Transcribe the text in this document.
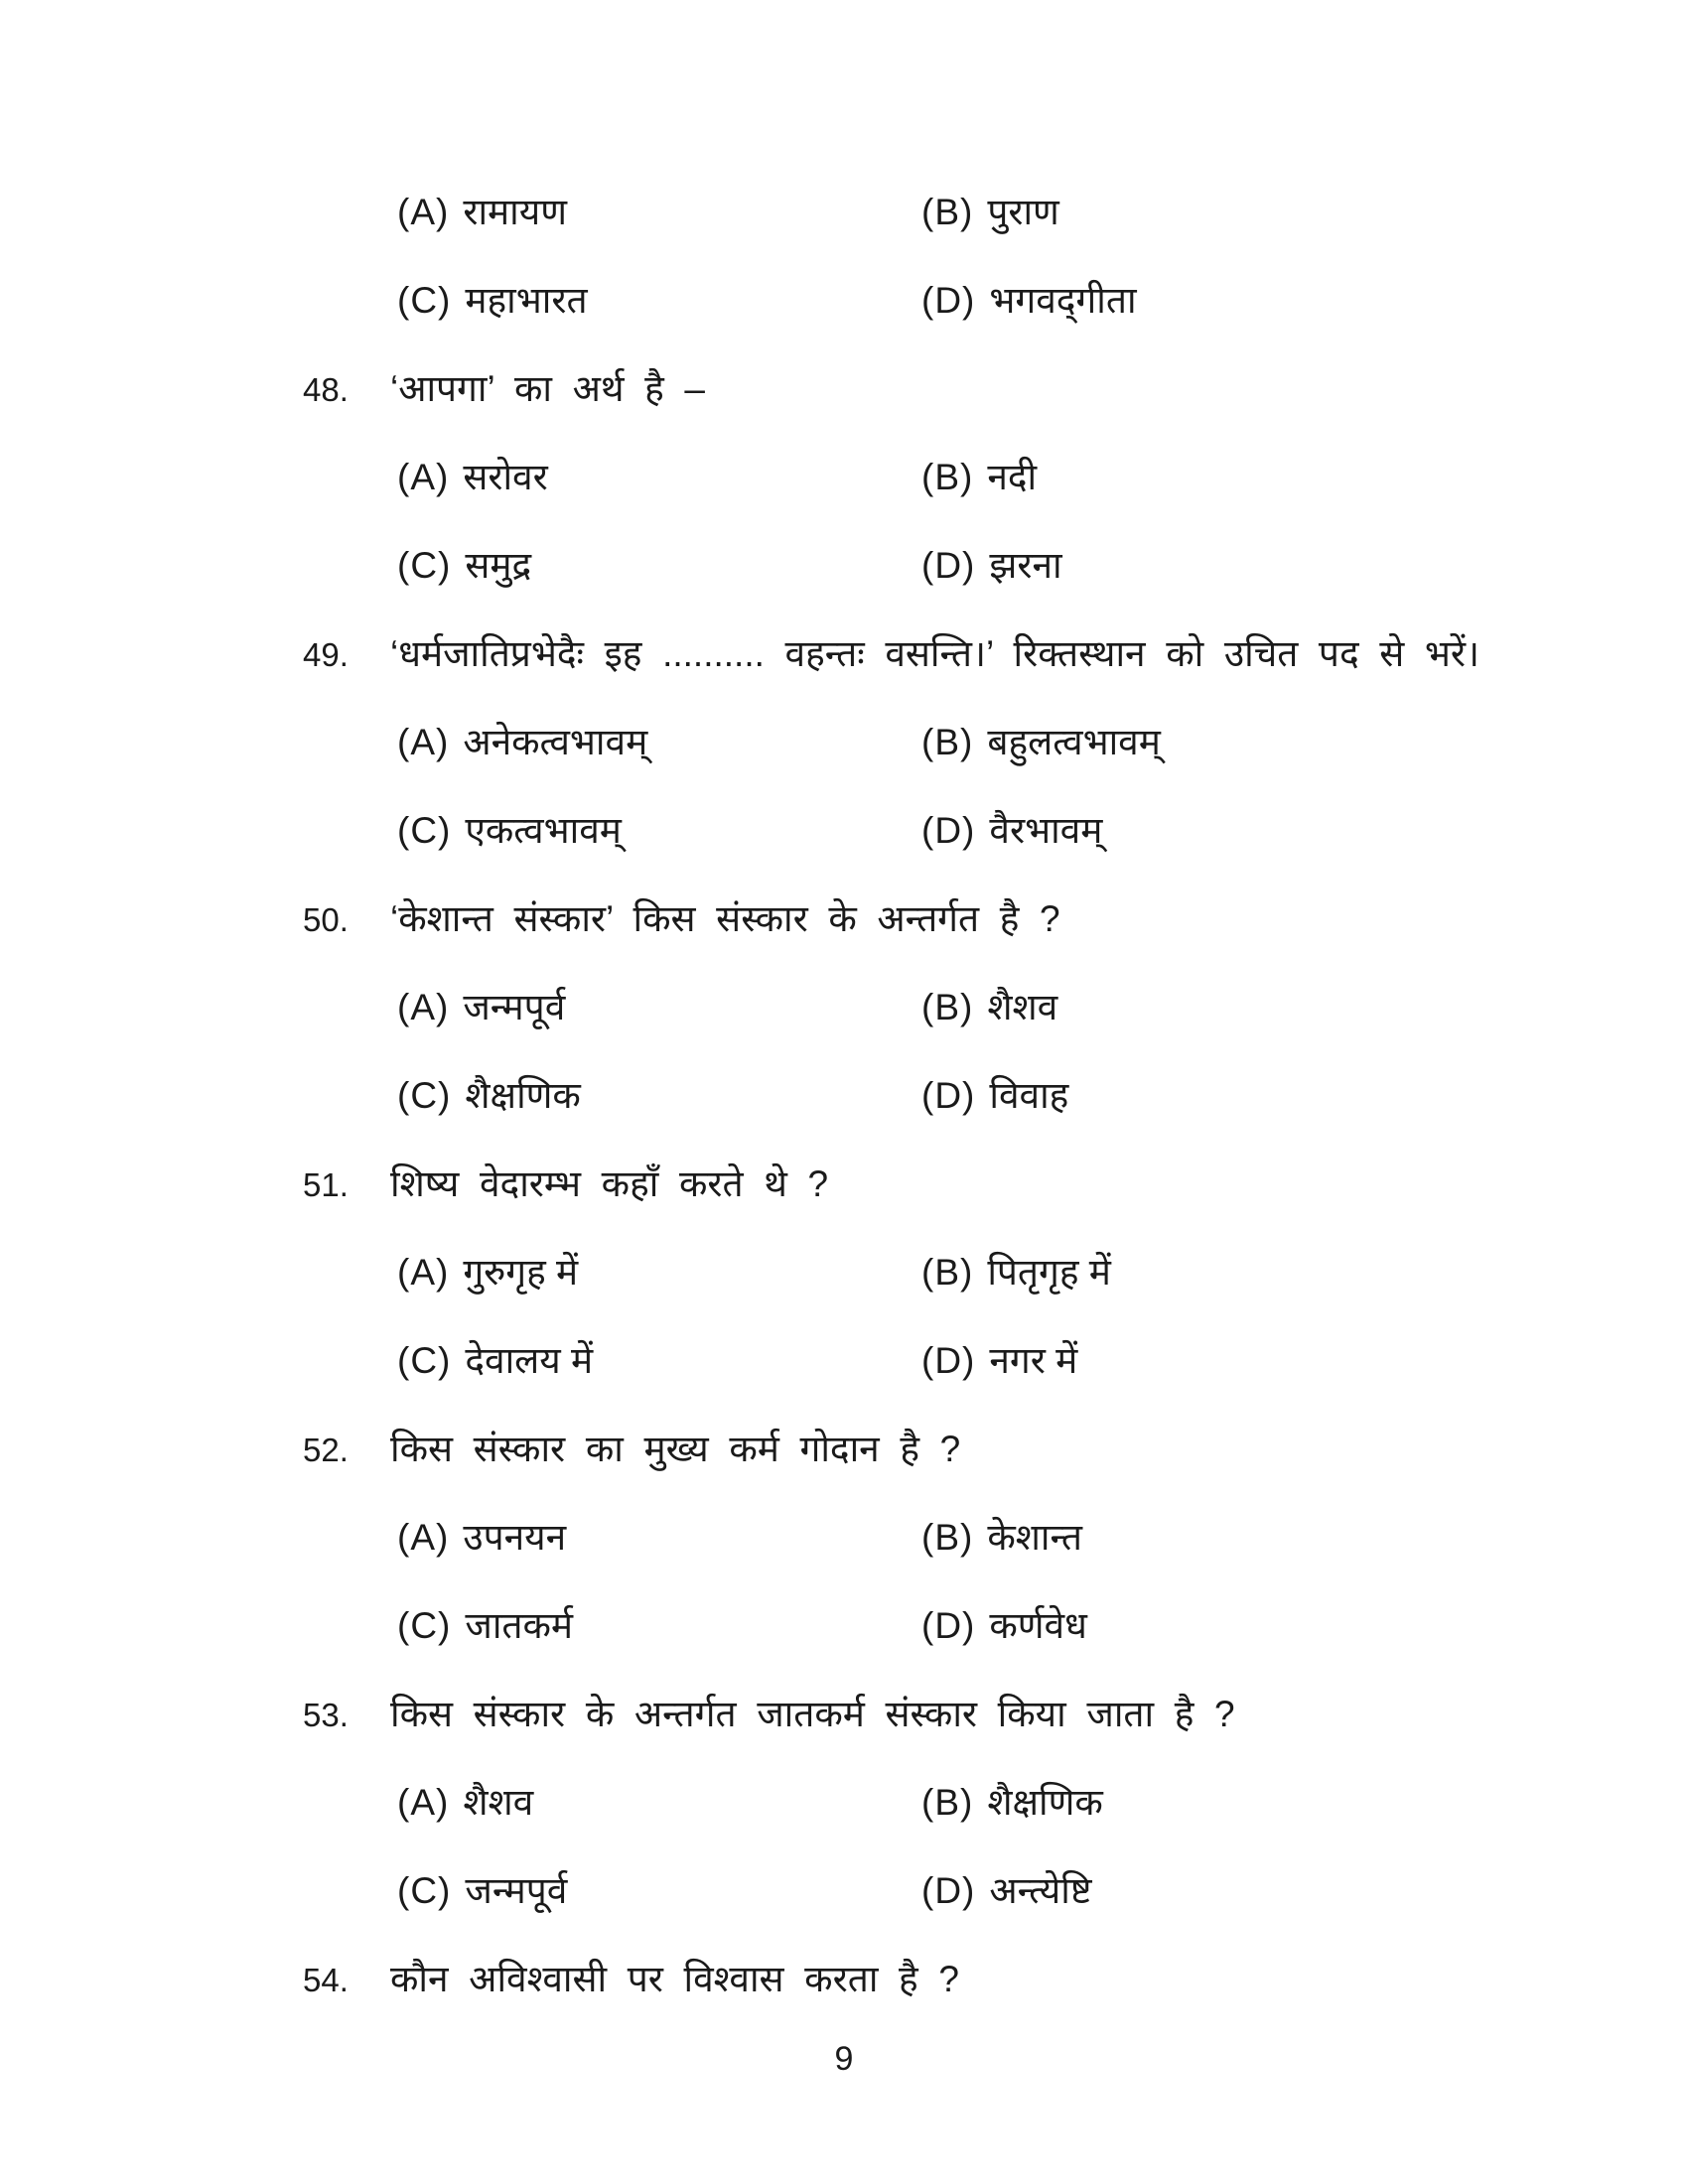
(A) रामायण	(B) पुराण
(C) महाभारत	(D) भगवद्‌गीता
48. ‘आपगा’ का अर्थ है –
(A) सरोवर	(B) नदी
(C) समुद्र	(D) झरना
49. ‘धर्मजातिप्रभेदैः इह .......... वहन्तः वसन्ति।’ रिक्तस्थान को उचित पद से भरें।
(A) अनेकत्वभावम्	(B) बहुलत्वभावम्
(C) एकत्वभावम्	(D) वैरभावम्
50. ‘केशान्त संस्कार’ किस संस्कार के अन्तर्गत है ?
(A) जन्मपूर्व	(B) शैशव
(C) शैक्षणिक	(D) विवाह
51. शिष्य वेदारम्भ कहाँ करते थे ?
(A) गुरुगृह में	(B) पितृगृह में
(C) देवालय में	(D) नगर में
52. किस संस्कार का मुख्य कर्म गोदान है ?
(A) उपनयन	(B) केशान्त
(C) जातकर्म	(D) कर्णवेध
53. किस संस्कार के अन्तर्गत जातकर्म संस्कार किया जाता है ?
(A) शैशव	(B) शैक्षणिक
(C) जन्मपूर्व	(D) अन्त्येष्टि
54. कौन अविश्वासी पर विश्वास करता है ?
9
